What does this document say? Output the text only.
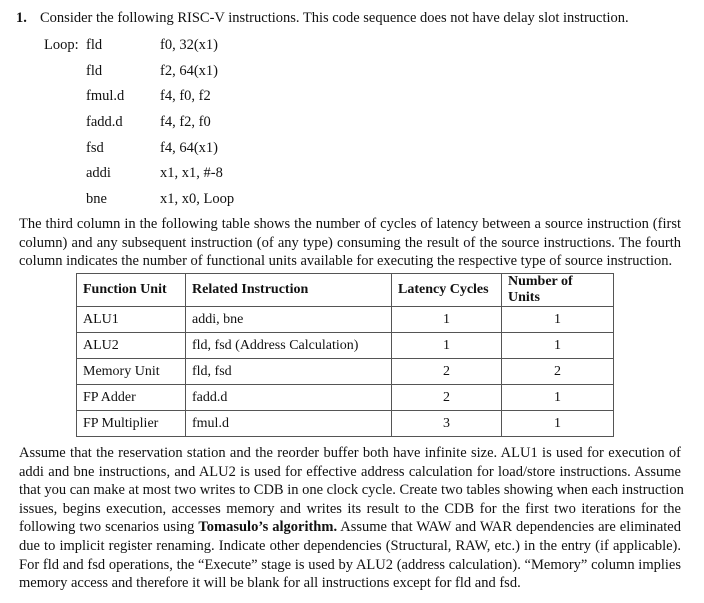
1. Consider the following RISC-V instructions. This code sequence does not have delay slot instruction.
Loop: fld	f0, 32(x1)
fld	f2, 64(x1)
fmul.d f4, f0, f2
fadd.d	f4, f2, f0
fsd	f4, 64(x1)
addi	x1, x1, #-8
bne	x1, x0, Loop
The third column in the following table shows the number of cycles of latency between a source instruction (first
column) and any subsequent instruction (of any type) consuming the result of the source instructions. The fourth
column indicates the number of functional units available for executing the respective type of source instruction.
Function Unit	Related Instruction	Latency Cycles	Number of Units
ALU1	addi, bne	1	1
ALU2	fld, fsd (Address Calculation)	1	1
Memory Unit	fld, fsd	2	2
FP Adder	fadd.d	2	1
FP Multiplier	fmul.d	3	1
Assume that the reservation station and the reorder buffer both have infinite size. ALU1 is used for execution of
addi and bne instructions, and ALU2 is used for effective address calculation for load/store instructions. Assume
that you can make at most two writes to CDB in one clock cycle. Create two tables showing when each instruction
issues, begins execution, accesses memory and writes its result to the CDB for the first two iterations for the
following two scenarios using Tomasulo’s algorithm. Assume that WAW and WAR dependencies are eliminated
due to implicit register renaming. Indicate other dependencies (Structural, RAW, etc.) in the entry (if applicable).
For fld and fsd operations, the “Execute” stage is used by ALU2 (address calculation). “Memory” column implies
memory access and therefore it will be blank for all instructions except for fld and fsd.
